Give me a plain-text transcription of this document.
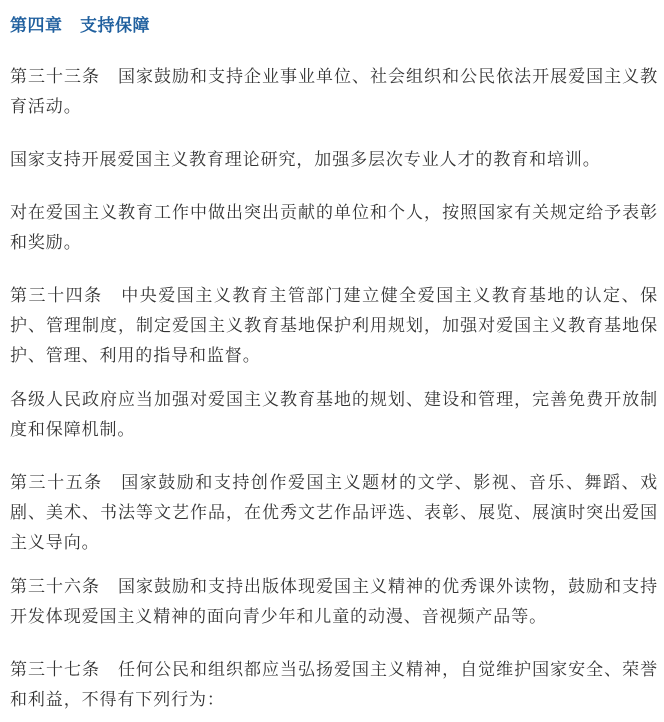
第四章　支持保障

第三十三条　国家鼓励和支持企业事业单位、社会组织和公民依法开展爱国主义教育活动。

国家支持开展爱国主义教育理论研究，加强多层次专业人才的教育和培训。

对在爱国主义教育工作中做出突出贡献的单位和个人，按照国家有关规定给予表彰和奖励。

第三十四条　中央爱国主义教育主管部门建立健全爱国主义教育基地的认定、保护、管理制度，制定爱国主义教育基地保护利用规划，加强对爱国主义教育基地保护、管理、利用的指导和监督。

各级人民政府应当加强对爱国主义教育基地的规划、建设和管理，完善免费开放制度和保障机制。

第三十五条　国家鼓励和支持创作爱国主义题材的文学、影视、音乐、舞蹈、戏剧、美术、书法等文艺作品，在优秀文艺作品评选、表彰、展览、展演时突出爱国主义导向。

第三十六条　国家鼓励和支持出版体现爱国主义精神的优秀课外读物，鼓励和支持开发体现爱国主义精神的面向青少年和儿童的动漫、音视频产品等。

第三十七条　任何公民和组织都应当弘扬爱国主义精神，自觉维护国家安全、荣誉和利益，不得有下列行为：
